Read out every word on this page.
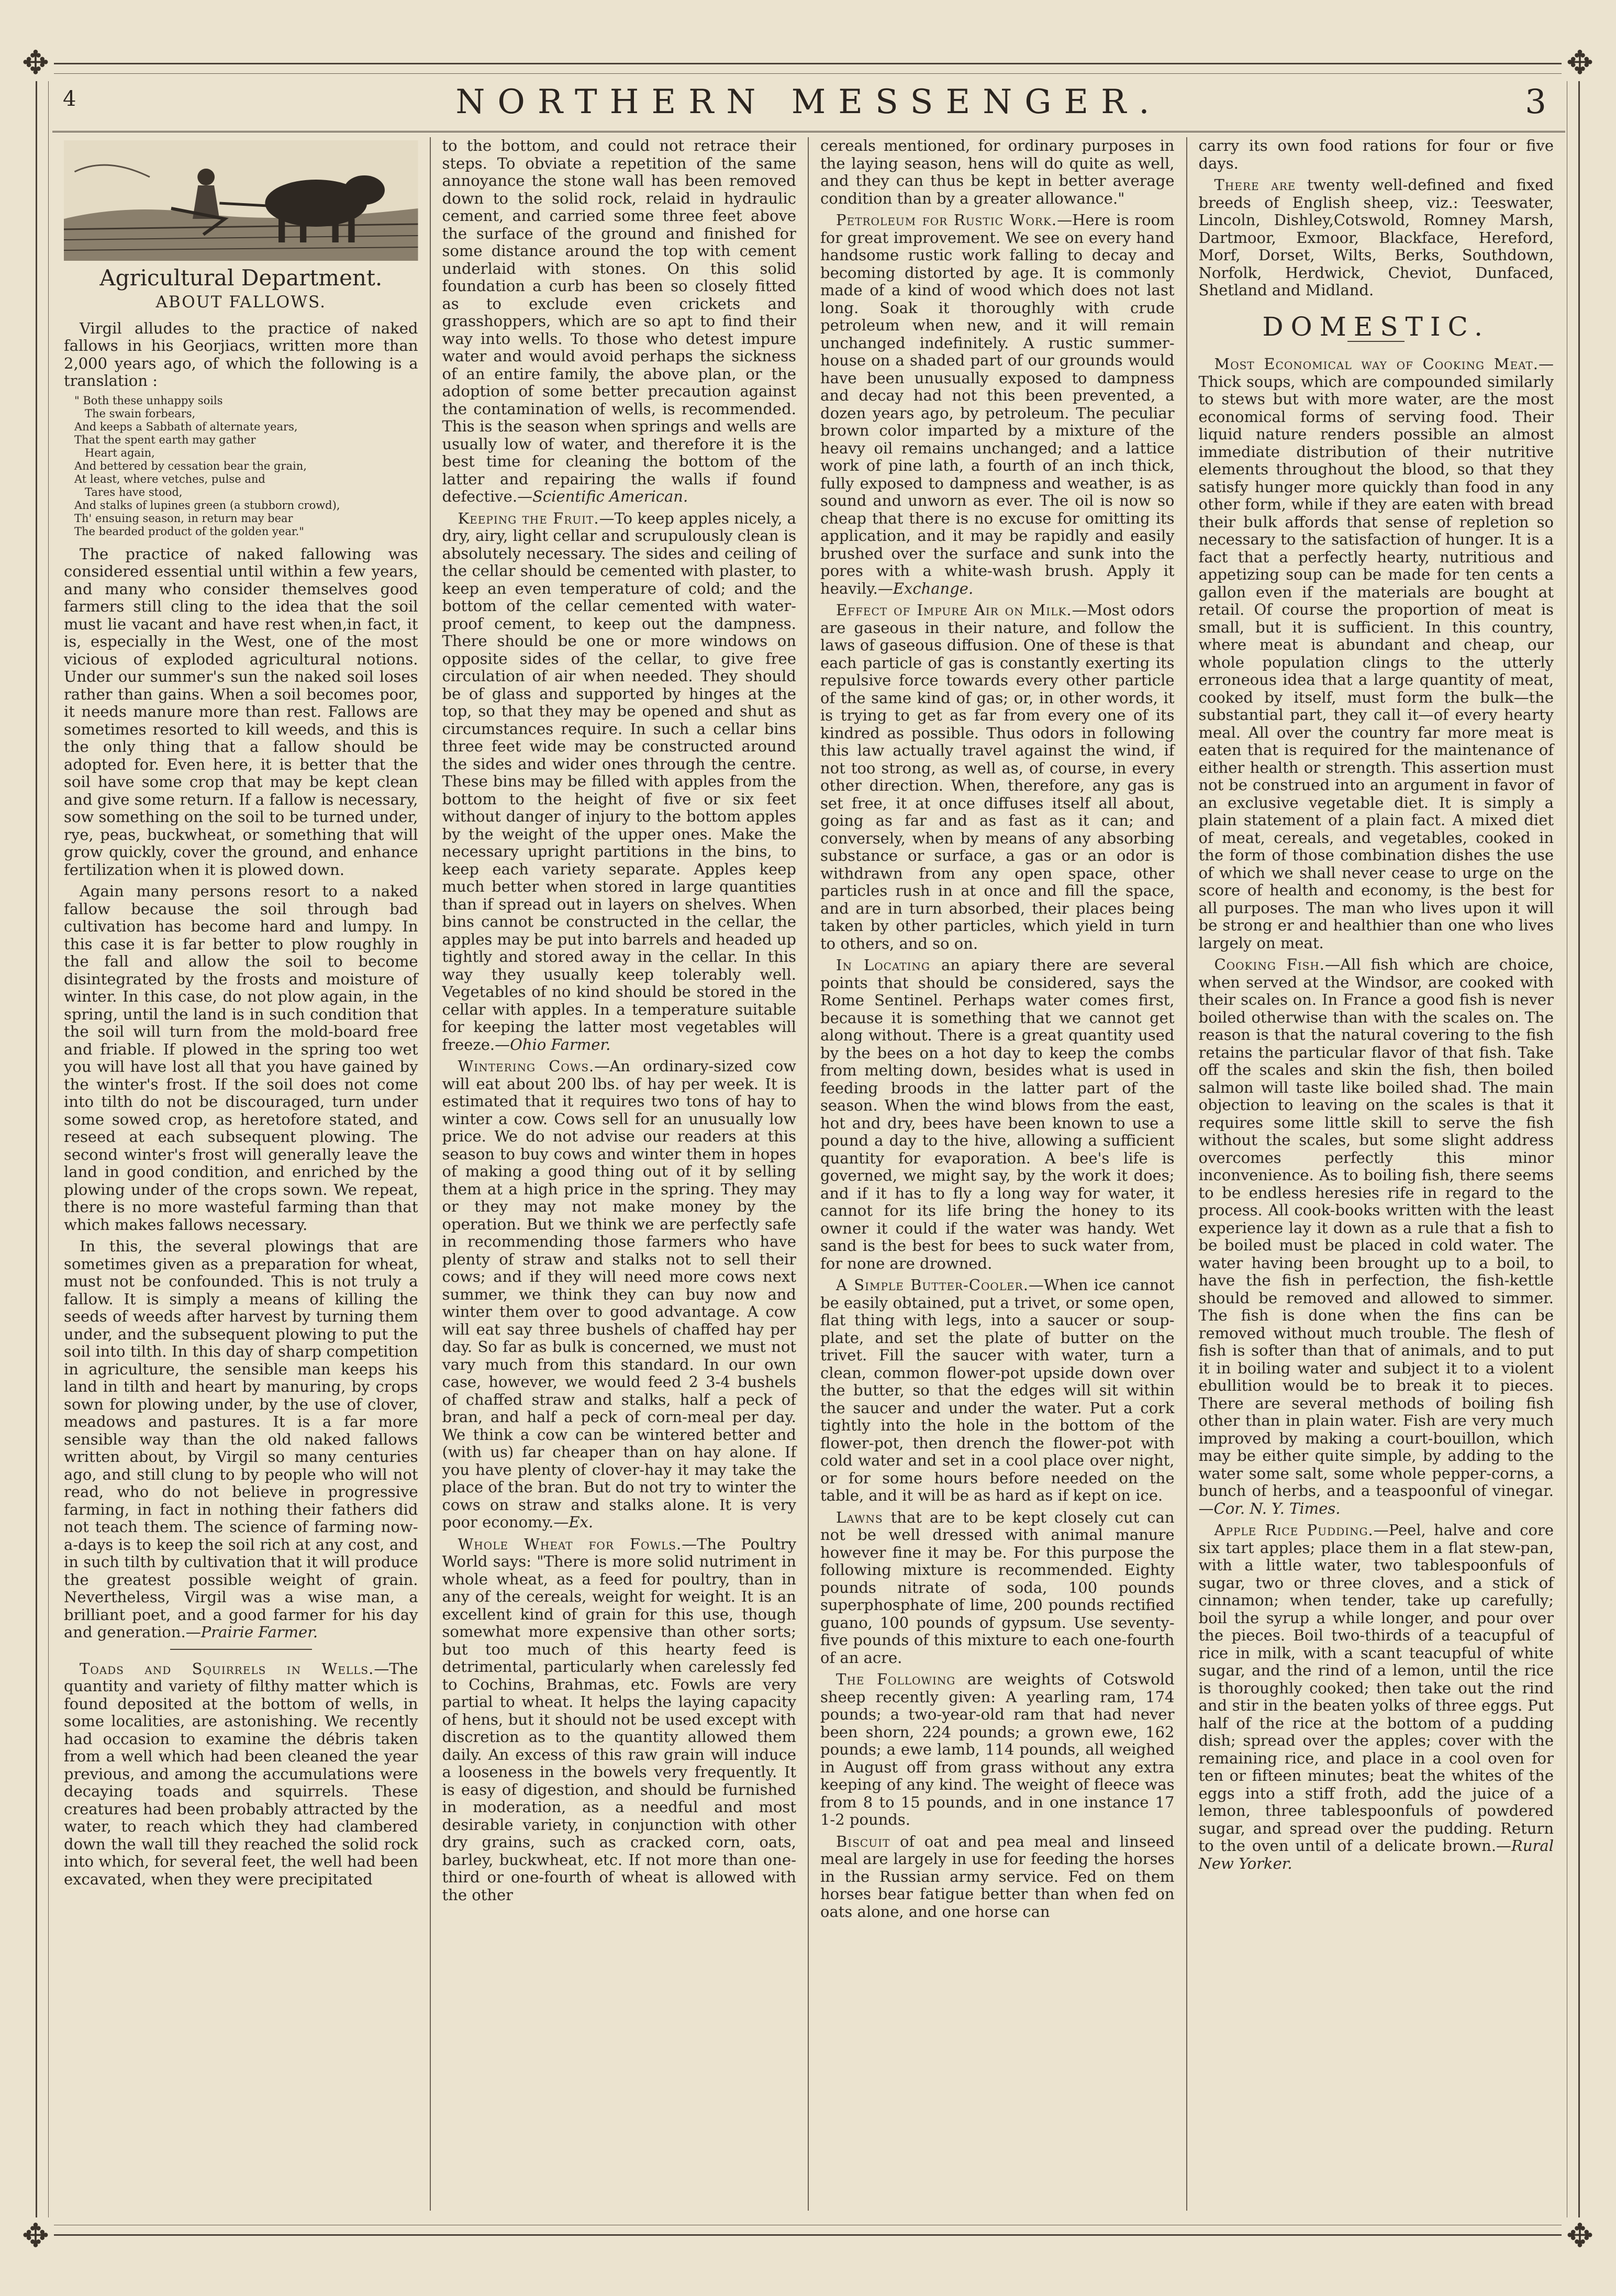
✥	✥
✥	✥
4	NORTHERN MESSENGER.	3
Agricultural Department.
ABOUT FALLOWS.

Virgil alludes to the practice of naked fallows in his Georjiacs, written more than 2,000 years ago, of which the following is a translation :

" Both these unhappy soils
The swain forbears,
And keeps a Sabbath of alternate years,
That the spent earth may gather
Heart again,
And bettered by cessation bear the grain,
At least, where vetches, pulse and
Tares have stood,
And stalks of lupines green (a stubborn crowd),
Th' ensuing season, in return may bear
The bearded product of the golden year."

The practice of naked fallowing was considered essential until within a few years, and many who consider themselves good farmers still cling to the idea that the soil must lie vacant and have rest when,in fact, it is, especially in the West, one of the most vicious of exploded agricultural notions. Under our summer's sun the naked soil loses rather than gains. When a soil becomes poor, it needs manure more than rest. Fallows are sometimes resorted to kill weeds, and this is the only thing that a fallow should be adopted for. Even here, it is better that the soil have some crop that may be kept clean and give some return. If a fallow is necessary, sow something on the soil to be turned under, rye, peas, buckwheat, or something that will grow quickly, cover the ground, and enhance fertilization when it is plowed down.

Again many persons resort to a naked fallow because the soil through bad cultivation has become hard and lumpy. In this case it is far better to plow roughly in the fall and allow the soil to become disintegrated by the frosts and moisture of winter. In this case, do not plow again, in the spring, until the land is in such condition that the soil will turn from the mold-board free and friable. If plowed in the spring too wet you will have lost all that you have gained by the winter's frost. If the soil does not come into tilth do not be discouraged, turn under some sowed crop, as heretofore stated, and reseed at each subsequent plowing. The second winter's frost will generally leave the land in good condition, and enriched by the plowing under of the crops sown. We repeat, there is no more wasteful farming than that which makes fallows necessary.

In this, the several plowings that are sometimes given as a preparation for wheat, must not be confounded. This is not truly a fallow. It is simply a means of killing the seeds of weeds after harvest by turning them under, and the subsequent plowing to put the soil into tilth. In this day of sharp competition in agriculture, the sensible man keeps his land in tilth and heart by manuring, by crops sown for plowing under, by the use of clover, meadows and pastures. It is a far more sensible way than the old naked fallows written about, by Virgil so many centuries ago, and still clung to by people who will not read, who do not believe in progressive farming, in fact in nothing their fathers did not teach them. The science of farming now-a-days is to keep the soil rich at any cost, and in such tilth by cultivation that it will produce the greatest possible weight of grain. Nevertheless, Virgil was a wise man, a brilliant poet, and a good farmer for his day and generation.—Prairie Farmer.

Toads and Squirrels in Wells.—The quantity and variety of filthy matter which is found deposited at the bottom of wells, in some localities, are astonishing. We recently had occasion to examine the débris taken from a well which had been cleaned the year previous, and among the accumulations were decaying toads and squirrels. These creatures had been probably attracted by the water, to reach which they had clambered down the wall till they reached the solid rock into which, for several feet, the well had been excavated, when they were precipitated

to the bottom, and could not retrace their steps. To obviate a repetition of the same annoyance the stone wall has been removed down to the solid rock, relaid in hydraulic cement, and carried some three feet above the surface of the ground and finished for some distance around the top with cement underlaid with stones. On this solid foundation a curb has been so closely fitted as to exclude even crickets and grasshoppers, which are so apt to find their way into wells. To those who detest impure water and would avoid perhaps the sickness of an entire family, the above plan, or the adoption of some better precaution against the contamination of wells, is recommended. This is the season when springs and wells are usually low of water, and therefore it is the best time for cleaning the bottom of the latter and repairing the walls if found defective.—Scientific American.

Keeping the Fruit.—To keep apples nicely, a dry, airy, light cellar and scrupulously clean is absolutely necessary. The sides and ceiling of the cellar should be cemented with plaster, to keep an even temperature of cold; and the bottom of the cellar cemented with water-proof cement, to keep out the dampness. There should be one or more windows on opposite sides of the cellar, to give free circulation of air when needed. They should be of glass and supported by hinges at the top, so that they may be opened and shut as circumstances require. In such a cellar bins three feet wide may be constructed around the sides and wider ones through the centre. These bins may be filled with apples from the bottom to the height of five or six feet without danger of injury to the bottom apples by the weight of the upper ones. Make the necessary upright partitions in the bins, to keep each variety separate. Apples keep much better when stored in large quantities than if spread out in layers on shelves. When bins cannot be constructed in the cellar, the apples may be put into barrels and headed up tightly and stored away in the cellar. In this way they usually keep tolerably well. Vegetables of no kind should be stored in the cellar with apples. In a temperature suitable for keeping the latter most vegetables will freeze.—Ohio Farmer.

Wintering Cows.—An ordinary-sized cow will eat about 200 lbs. of hay per week. It is estimated that it requires two tons of hay to winter a cow. Cows sell for an unusually low price. We do not advise our readers at this season to buy cows and winter them in hopes of making a good thing out of it by selling them at a high price in the spring. They may or they may not make money by the operation. But we think we are perfectly safe in recommending those farmers who have plenty of straw and stalks not to sell their cows; and if they will need more cows next summer, we think they can buy now and winter them over to good advantage. A cow will eat say three bushels of chaffed hay per day. So far as bulk is concerned, we must not vary much from this standard. In our own case, however, we would feed 2 3-4 bushels of chaffed straw and stalks, half a peck of bran, and half a peck of corn-meal per day. We think a cow can be wintered better and (with us) far cheaper than on hay alone. If you have plenty of clover-hay it may take the place of the bran. But do not try to winter the cows on straw and stalks alone. It is very poor economy.—Ex.

Whole Wheat for Fowls.—The Poultry World says: "There is more solid nutriment in whole wheat, as a feed for poultry, than in any of the cereals, weight for weight. It is an excellent kind of grain for this use, though somewhat more expensive than other sorts; but too much of this hearty feed is detrimental, particularly when carelessly fed to Cochins, Brahmas, etc. Fowls are very partial to wheat. It helps the laying capacity of hens, but it should not be used except with discretion as to the quantity allowed them daily. An excess of this raw grain will induce a looseness in the bowels very frequently. It is easy of digestion, and should be furnished in moderation, as a needful and most desirable variety, in conjunction with other dry grains, such as cracked corn, oats, barley, buckwheat, etc. If not more than one-third or one-fourth of wheat is allowed with the other

cereals mentioned, for ordinary purposes in the laying season, hens will do quite as well, and they can thus be kept in better average condition than by a greater allowance."

Petroleum for Rustic Work.—Here is room for great improvement. We see on every hand handsome rustic work falling to decay and becoming distorted by age. It is commonly made of a kind of wood which does not last long. Soak it thoroughly with crude petroleum when new, and it will remain unchanged indefinitely. A rustic summer-house on a shaded part of our grounds would have been unusually exposed to dampness and decay had not this been prevented, a dozen years ago, by petroleum. The peculiar brown color imparted by a mixture of the heavy oil remains unchanged; and a lattice work of pine lath, a fourth of an inch thick, fully exposed to dampness and weather, is as sound and unworn as ever. The oil is now so cheap that there is no excuse for omitting its application, and it may be rapidly and easily brushed over the surface and sunk into the pores with a white-wash brush. Apply it heavily.—Exchange.

Effect of Impure Air on Milk.—Most odors are gaseous in their nature, and follow the laws of gaseous diffusion. One of these is that each particle of gas is constantly exerting its repulsive force towards every other particle of the same kind of gas; or, in other words, it is trying to get as far from every one of its kindred as possible. Thus odors in following this law actually travel against the wind, if not too strong, as well as, of course, in every other direction. When, therefore, any gas is set free, it at once diffuses itself all about, going as far and as fast as it can; and conversely, when by means of any absorbing substance or surface, a gas or an odor is withdrawn from any open space, other particles rush in at once and fill the space, and are in turn absorbed, their places being taken by other particles, which yield in turn to others, and so on.

In Locating an apiary there are several points that should be considered, says the Rome Sentinel. Perhaps water comes first, because it is something that we cannot get along without. There is a great quantity used by the bees on a hot day to keep the combs from melting down, besides what is used in feeding broods in the latter part of the season. When the wind blows from the east, hot and dry, bees have been known to use a pound a day to the hive, allowing a sufficient quantity for evaporation. A bee's life is governed, we might say, by the work it does; and if it has to fly a long way for water, it cannot for its life bring the honey to its owner it could if the water was handy. Wet sand is the best for bees to suck water from, for none are drowned.

A Simple Butter-Cooler.—When ice cannot be easily obtained, put a trivet, or some open, flat thing with legs, into a saucer or soup-plate, and set the plate of butter on the trivet. Fill the saucer with water, turn a clean, common flower-pot upside down over the butter, so that the edges will sit within the saucer and under the water. Put a cork tightly into the hole in the bottom of the flower-pot, then drench the flower-pot with cold water and set in a cool place over night, or for some hours before needed on the table, and it will be as hard as if kept on ice.

Lawns that are to be kept closely cut can not be well dressed with animal manure however fine it may be. For this purpose the following mixture is recommended. Eighty pounds nitrate of soda, 100 pounds superphosphate of lime, 200 pounds rectified guano, 100 pounds of gypsum. Use seventy-five pounds of this mixture to each one-fourth of an acre.

The Following are weights of Cotswold sheep recently given: A yearling ram, 174 pounds; a two-year-old ram that had never been shorn, 224 pounds; a grown ewe, 162 pounds; a ewe lamb, 114 pounds, all weighed in August off from grass without any extra keeping of any kind. The weight of fleece was from 8 to 15 pounds, and in one instance 17 1-2 pounds.

Biscuit of oat and pea meal and linseed meal are largely in use for feeding the horses in the Russian army service. Fed on them horses bear fatigue better than when fed on oats alone, and one horse can

carry its own food rations for four or five days.

There are twenty well-defined and fixed breeds of English sheep, viz.: Teeswater, Lincoln, Dishley,Cotswold, Romney Marsh, Dartmoor, Exmoor, Blackface, Hereford, Morf, Dorset, Wilts, Berks, Southdown, Norfolk, Herdwick, Cheviot, Dunfaced, Shetland and Midland.

DOMESTIC.

Most Economical way of Cooking Meat.—Thick soups, which are compounded similarly to stews but with more water, are the most economical forms of serving food. Their liquid nature renders possible an almost immediate distribution of their nutritive elements throughout the blood, so that they satisfy hunger more quickly than food in any other form, while if they are eaten with bread their bulk affords that sense of repletion so necessary to the satisfaction of hunger. It is a fact that a perfectly hearty, nutritious and appetizing soup can be made for ten cents a gallon even if the materials are bought at retail. Of course the proportion of meat is small, but it is sufficient. In this country, where meat is abundant and cheap, our whole population clings to the utterly erroneous idea that a large quantity of meat, cooked by itself, must form the bulk—the substantial part, they call it—of every hearty meal. All over the country far more meat is eaten that is required for the maintenance of either health or strength. This assertion must not be construed into an argument in favor of an exclusive vegetable diet. It is simply a plain statement of a plain fact. A mixed diet of meat, cereals, and vegetables, cooked in the form of those combination dishes the use of which we shall never cease to urge on the score of health and economy, is the best for all purposes. The man who lives upon it will be strong er and healthier than one who lives largely on meat.

Cooking Fish.—All fish which are choice, when served at the Windsor, are cooked with their scales on. In France a good fish is never boiled otherwise than with the scales on. The reason is that the natural covering to the fish retains the particular flavor of that fish. Take off the scales and skin the fish, then boiled salmon will taste like boiled shad. The main objection to leaving on the scales is that it requires some little skill to serve the fish without the scales, but some slight address overcomes perfectly this minor inconvenience. As to boiling fish, there seems to be endless heresies rife in regard to the process. All cook-books written with the least experience lay it down as a rule that a fish to be boiled must be placed in cold water. The water having been brought up to a boil, to have the fish in perfection, the fish-kettle should be removed and allowed to simmer. The fish is done when the fins can be removed without much trouble. The flesh of fish is softer than that of animals, and to put it in boiling water and subject it to a violent ebullition would be to break it to pieces. There are several methods of boiling fish other than in plain water. Fish are very much improved by making a court-bouillon, which may be either quite simple, by adding to the water some salt, some whole pepper-corns, a bunch of herbs, and a teaspoonful of vinegar.—Cor. N. Y. Times.

Apple Rice Pudding.—Peel, halve and core six tart apples; place them in a flat stew-pan, with a little water, two tablespoonfuls of sugar, two or three cloves, and a stick of cinnamon; when tender, take up carefully; boil the syrup a while longer, and pour over the pieces. Boil two-thirds of a teacupful of rice in milk, with a scant teacupful of white sugar, and the rind of a lemon, until the rice is thoroughly cooked; then take out the rind and stir in the beaten yolks of three eggs. Put half of the rice at the bottom of a pudding dish; spread over the apples; cover with the remaining rice, and place in a cool oven for ten or fifteen minutes; beat the whites of the eggs into a stiff froth, add the juice of a lemon, three tablespoonfuls of powdered sugar, and spread over the pudding. Return to the oven until of a delicate brown.—Rural New Yorker.
